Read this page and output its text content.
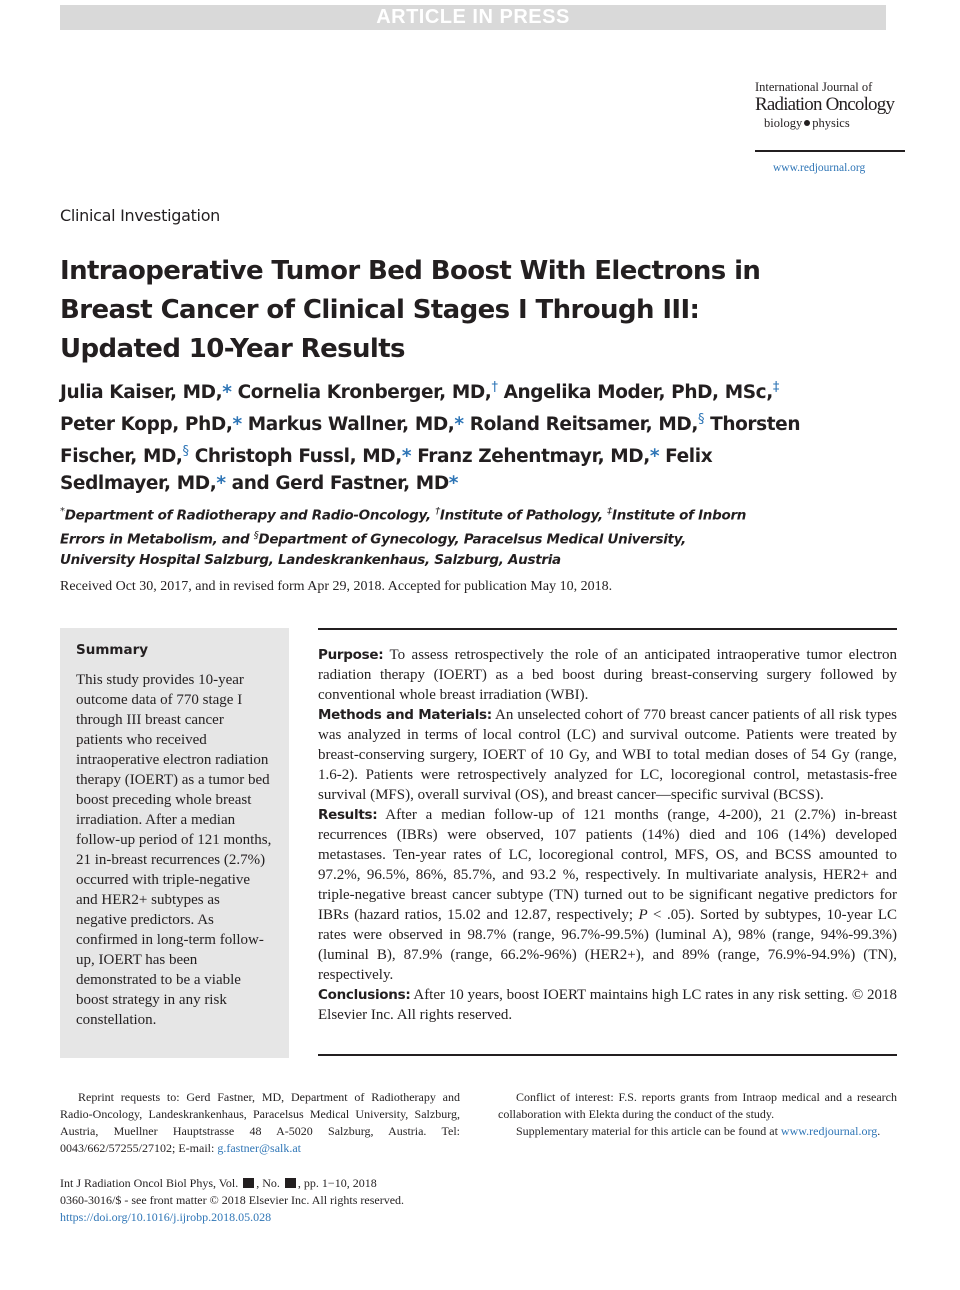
ARTICLE IN PRESS
International Journal of
Radiation Oncology
biology physics
www.redjournal.org
Clinical Investigation
Intraoperative Tumor Bed Boost With Electrons in Breast Cancer of Clinical Stages I Through III: Updated 10-Year Results
Julia Kaiser, MD,* Cornelia Kronberger, MD,† Angelika Moder, PhD, MSc,‡ Peter Kopp, PhD,* Markus Wallner, MD,* Roland Reitsamer, MD,§ Thorsten Fischer, MD,§ Christoph Fussl, MD,* Franz Zehentmayr, MD,* Felix Sedlmayer, MD,* and Gerd Fastner, MD*
*Department of Radiotherapy and Radio-Oncology, †Institute of Pathology, ‡Institute of Inborn Errors in Metabolism, and §Department of Gynecology, Paracelsus Medical University, University Hospital Salzburg, Landeskrankenhaus, Salzburg, Austria
Received Oct 30, 2017, and in revised form Apr 29, 2018. Accepted for publication May 10, 2018.
Summary

This study provides 10-year outcome data of 770 stage I through III breast cancer patients who received intraoperative electron radiation therapy (IOERT) as a tumor bed boost preceding whole breast irradiation. After a median follow-up period of 121 months, 21 in-breast recurrences (2.7%) occurred with triple-negative and HER2+ subtypes as negative predictors. As confirmed in long-term follow-up, IOERT has been demonstrated to be a viable boost strategy in any risk constellation.

Purpose: To assess retrospectively the role of an anticipated intraoperative tumor electron radiation therapy (IOERT) as a bed boost during breast-conserving surgery followed by conventional whole breast irradiation (WBI).

Methods and Materials: An unselected cohort of 770 breast cancer patients of all risk types was analyzed in terms of local control (LC) and survival outcome. Patients were treated by breast-conserving surgery, IOERT of 10 Gy, and WBI to total median doses of 54 Gy (range, 1.6-2). Patients were retrospectively analyzed for LC, locoregional control, metastasis-free survival (MFS), overall survival (OS), and breast cancer—specific survival (BCSS).

Results: After a median follow-up of 121 months (range, 4-200), 21 (2.7%) in-breast recurrences (IBRs) were observed, 107 patients (14%) died and 106 (14%) developed metastases. Ten-year rates of LC, locoregional control, MFS, OS, and BCSS amounted to 97.2%, 96.5%, 86%, 85.7%, and 93.2 %, respectively. In multivariate analysis, HER2+ and triple-negative breast cancer subtype (TN) turned out to be significant negative predictors for IBRs (hazard ratios, 15.02 and 12.87, respectively; P < .05). Sorted by subtypes, 10-year LC rates were observed in 98.7% (range, 96.7%-99.5%) (luminal A), 98% (range, 94%-99.3%) (luminal B), 87.9% (range, 66.2%-96%) (HER2+), and 89% (range, 76.9%-94.9%) (TN), respectively.

Conclusions: After 10 years, boost IOERT maintains high LC rates in any risk setting. © 2018 Elsevier Inc. All rights reserved.

Reprint requests to: Gerd Fastner, MD, Department of Radiotherapy and Radio-Oncology, Landeskrankenhaus, Paracelsus Medical University, Salzburg, Austria, Muellner Hauptstrasse 48 A-5020 Salzburg, Austria. Tel: 0043/662/57255/27102; E-mail: g.fastner@salk.at

Conflict of interest: F.S. reports grants from Intraop medical and a research collaboration with Elekta during the conduct of the study.

Supplementary material for this article can be found at www.redjournal.org.

Int J Radiation Oncol Biol Phys, Vol. , No. , pp. 1−10, 2018
0360-3016/$ - see front matter © 2018 Elsevier Inc. All rights reserved.
https://doi.org/10.1016/j.ijrobp.2018.05.028
